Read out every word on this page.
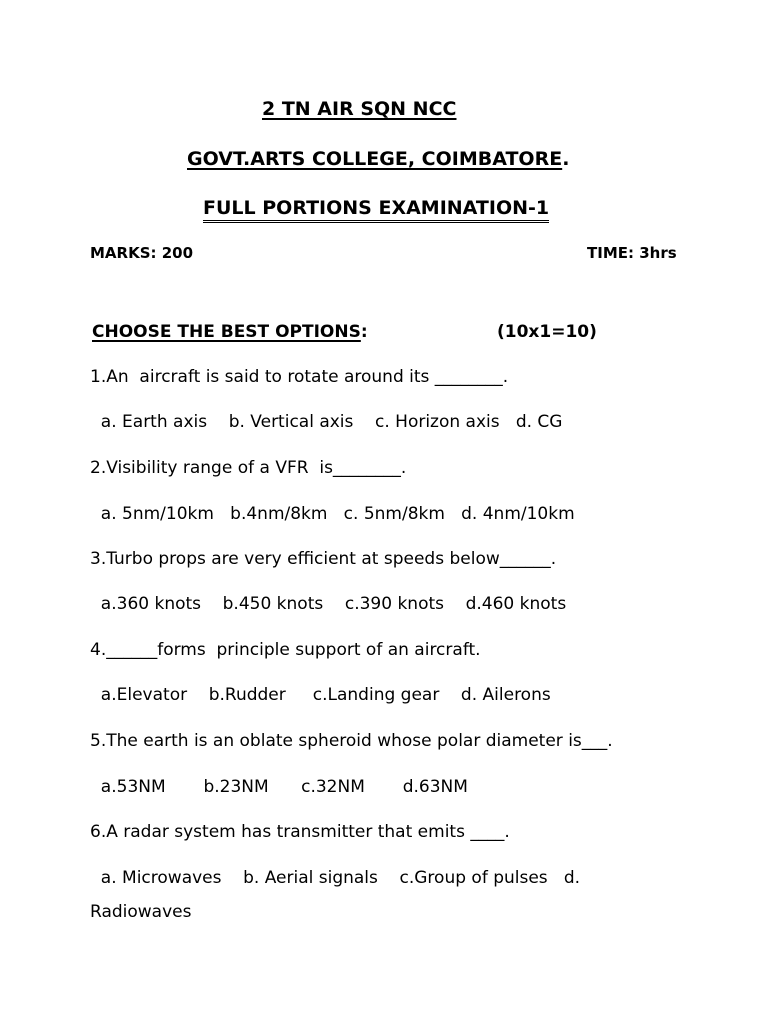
2 TN AIR SQN NCC
GOVT.ARTS COLLEGE, COIMBATORE.
FULL PORTIONS EXAMINATION-1
MARKS: 200	TIME: 3hrs
CHOOSE THE BEST OPTIONS:	(10x1=10)
1.An  aircraft is said to rotate around its ________.
a. Earth axis    b. Vertical axis    c. Horizon axis   d. CG
2.Visibility range of a VFR  is________.
a. 5nm/10km   b.4nm/8km   c. 5nm/8km   d. 4nm/10km
3.Turbo props are very efficient at speeds below______.
a.360 knots    b.450 knots    c.390 knots    d.460 knots
4.______forms  principle support of an aircraft.
a.Elevator    b.Rudder     c.Landing gear    d. Ailerons
5.The earth is an oblate spheroid whose polar diameter is___.
a.53NM       b.23NM      c.32NM       d.63NM
6.A radar system has transmitter that emits ____.
a. Microwaves    b. Aerial signals    c.Group of pulses   d.
Radiowaves
